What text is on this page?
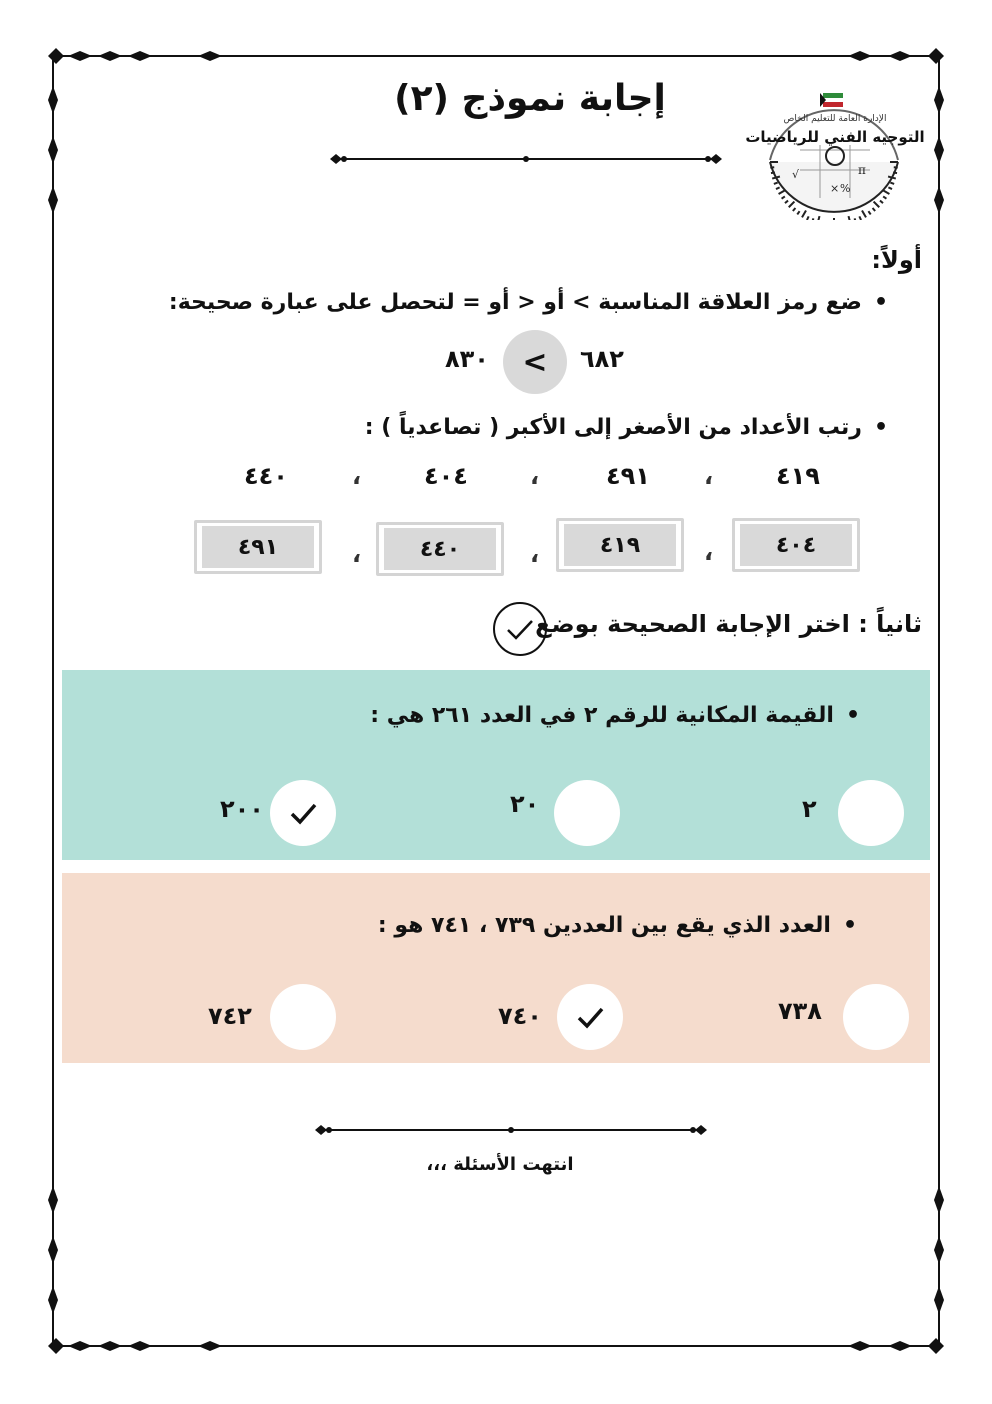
إجابة نموذج (٢)
π
√
%
×
الإدارة العامة للتعليم الخاص
التوجيه الفني للرياضيات
أولاً:
• ضع رمز العلاقة المناسبة > أو < أو = لتحصل على عبارة صحيحة:
٨٣٠	<	٦٨٢
• رتب الأعداد من الأصغر إلى الأكبر ( تصاعدياً ) :
٤١٩
،
٤٩١
،
٤٠٤
،
٤٤٠
٤٠٤
،
٤١٩
،
٤٤٠
،
٤٩١
ثانياً : اختر الإجابة الصحيحة بوضع
• القيمة المكانية للرقم ٢ في العدد ٢٦١ هي :
٢
٢٠
٢٠٠
• العدد الذي يقع بين العددين ٧٣٩ ، ٧٤١ هو :
٧٣٨
٧٤٠
٧٤٢
انتهت الأسئلة ،،،
